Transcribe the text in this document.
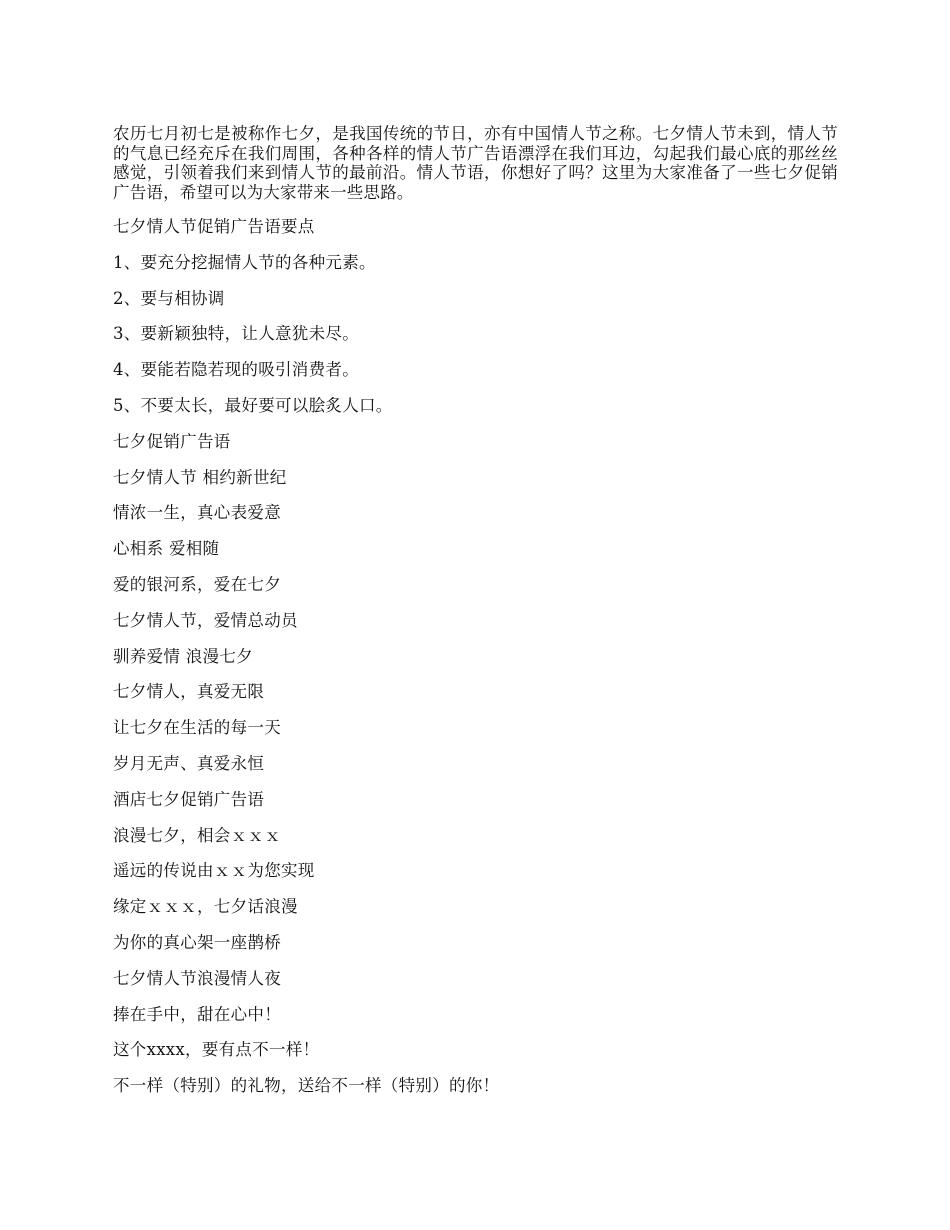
农历七月初七是被称作七夕，是我国传统的节日，亦有中国情人节之称。七夕情人节未到，情人节的气息已经充斥在我们周围，各种各样的情人节广告语漂浮在我们耳边，勾起我们最心底的那丝丝感觉，引领着我们来到情人节的最前沿。情人节语，你想好了吗？这里为大家准备了一些七夕促销广告语，希望可以为大家带来一些思路。

七夕情人节促销广告语要点

1、要充分挖掘情人节的各种元素。

2、要与相协调

3、要新颖独特，让人意犹未尽。

4、要能若隐若现的吸引消费者。

5、不要太长，最好要可以脍炙人口。

七夕促销广告语

七夕情人节 相约新世纪

情浓一生，真心表爱意

心相系 爱相随

爱的银河系，爱在七夕

七夕情人节，爱情总动员

驯养爱情 浪漫七夕

七夕情人，真爱无限

让七夕在生活的每一天

岁月无声、真爱永恒

酒店七夕促销广告语

浪漫七夕，相会ｘｘｘ

遥远的传说由ｘｘ为您实现

缘定ｘｘｘ，七夕话浪漫

为你的真心架一座鹊桥

七夕情人节浪漫情人夜

捧在手中，甜在心中！

这个xxxx，要有点不一样！

不一样（特别）的礼物，送给不一样（特别）的你！
